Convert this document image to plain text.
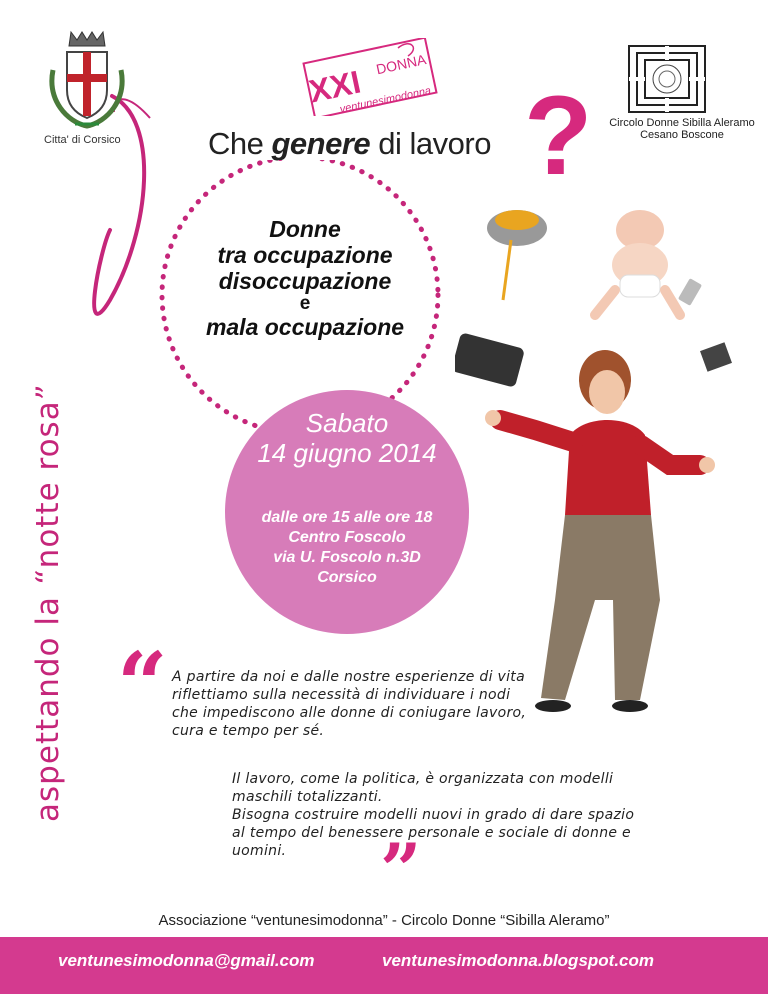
Citta' di Corsico
XXI DONNA
ventunesimodonna ?	Circolo Donne Sibilla Aleramo
Cesano Boscone
Che genere di lavoro
Donne
tra occupazione
disoccupazione
e
mala occupazione
Sabato
14 giugno 2014
dalle ore 15 alle ore 18
Centro Foscolo
via U. Foscolo n.3D
Corsico
aspettando la “notte rosa”
“ A partire da noi e dalle nostre esperienze di vita
riflettiamo sulla necessità di individuare i nodi
che impediscono alle donne di coniugare lavoro,
cura e tempo per sé.
Il lavoro, come la politica, è organizzata con modelli
maschili totalizzanti.
Bisogna costruire modelli nuovi in grado di dare spazio
al tempo del benessere personale e sociale di donne e
uomini.	”
Associazione “ventunesimodonna” - Circolo Donne “Sibilla Aleramo”
ventunesimodonna@gmail.com	ventunesimodonna.blogspot.com
